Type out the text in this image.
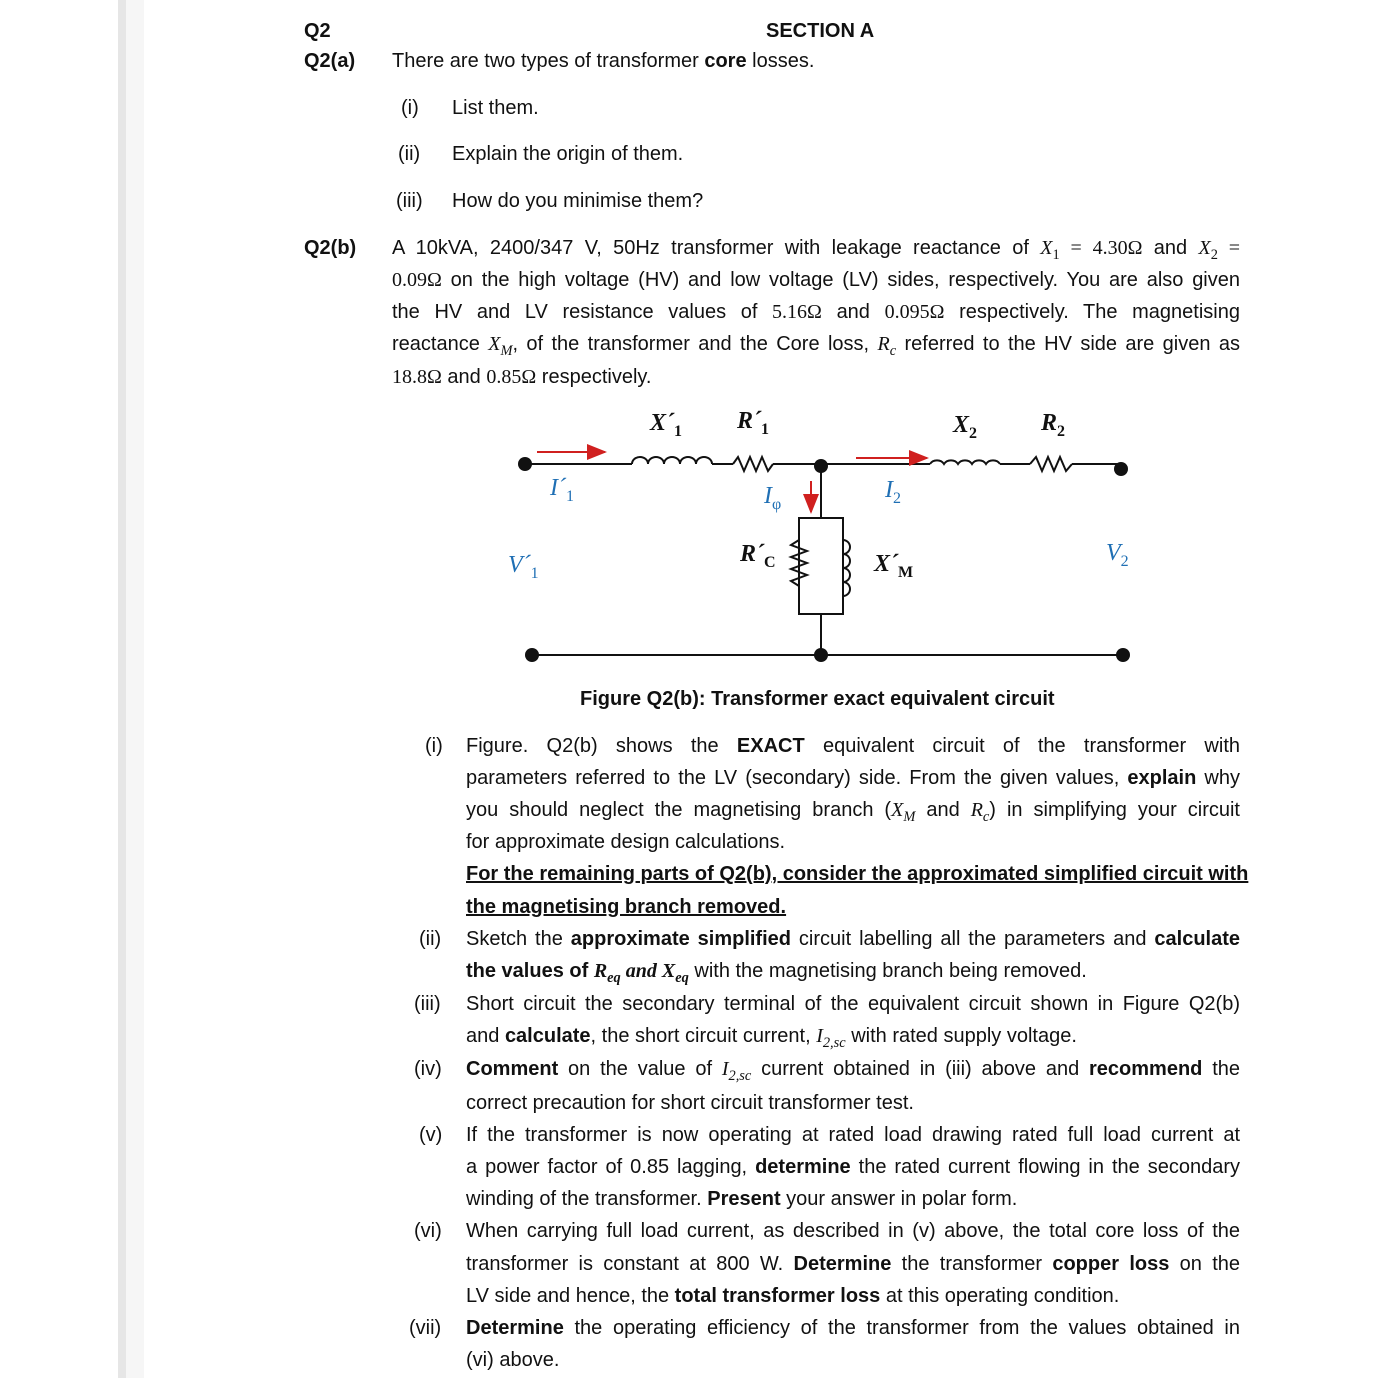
Q2	SECTION A
Q2(a) There are two types of transformer core losses.
(i) List them.
(ii) Explain the origin of them.
(iii) How do you minimise them?
Q2(b) A 10kVA, 2400/347 V, 50Hz transformer with leakage reactance of $X_1 = 4.30\Omega$ and $X_2$ =
0.09Ω on the high voltage (HV) and low voltage (LV) sides, respectively. You are also given
the HV and LV resistance values of 5.16Ω and 0.095Ω respectively. The magnetising
reactance $X_M$, of the transformer and the Core loss, $R_c$ referred to the HV side are given as
18.8Ω and 0.85Ω respectively.
$X´_1$ $R´_1$	$X_2$	$R_2$
$R´_C$	$X´_M$
$I´_1$	$I_\varphi$
$I_2$
$V´_1$
$V_2$
Figure Q2(b): Transformer exact equivalent circuit
(i) Figure. Q2(b) shows the EXACT equivalent circuit of the transformer with
parameters referred to the LV (secondary) side. From the given values, explain why
you should neglect the magnetising branch ($X_M$ and $R_c$) in simplifying your circuit
for approximate design calculations.
For the remaining parts of Q2(b), consider the approximated simplified circuit with
the magnetising branch removed.
(ii) Sketch the approximate simplified circuit labelling all the parameters and calculate
the values of $R_{eq}$ and $X_{eq}$ with the magnetising branch being removed.
(iii) Short circuit the secondary terminal of the equivalent circuit shown in Figure Q2(b)
and calculate, the short circuit current, $I_{2,sc}$ with rated supply voltage.
(iv) Comment on the value of $I_{2,sc}$ current obtained in (iii) above and recommend the
correct precaution for short circuit transformer test.
(v) If the transformer is now operating at rated load drawing rated full load current at
a power factor of 0.85 lagging, determine the rated current flowing in the secondary
winding of the transformer. Present your answer in polar form.
(vi) When carrying full load current, as described in (v) above, the total core loss of the
transformer is constant at 800 W. Determine the transformer copper loss on the
LV side and hence, the total transformer loss at this operating condition.
(vii) Determine the operating efficiency of the transformer from the values obtained in
(vi) above.
